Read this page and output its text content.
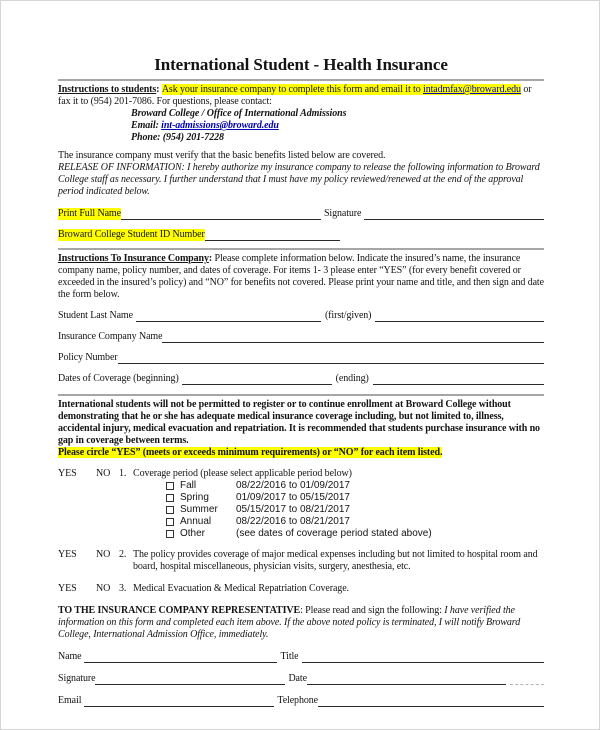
International Student - Health Insurance

Instructions to students: Ask your insurance company to complete this form and email it to intadmfax@broward.edu or fax it to (954) 201-7086. For questions, please contact:

Broward College / Office of International Admissions
Email: int-admissions@broward.edu
Phone: (954) 201-7228

The insurance company must verify that the basic benefits listed below are covered.

RELEASE OF INFORMATION: I hereby authorize my insurance company to release the following information to Broward College staff as necessary. I further understand that I must have my policy reviewed/renewed at the end of the approval period indicated below.

Print Full Name	Signature
Broward College Student ID Number

Instructions To Insurance Company: Please complete information below. Indicate the insured’s name, the insurance company name, policy number, and dates of coverage. For items 1- 3 please enter “YES” (for every benefit covered or exceeded in the insured’s policy) and “NO” for benefits not covered. Please print your name and title, and then sign and date the form below.

Student Last Name	(first/given)
Insurance Company Name
Policy Number
Dates of Coverage (beginning)	(ending)

International students will not be permitted to register or to continue enrollment at Broward College without demonstrating that he or she has adequate medical insurance coverage including, but not limited to, illness, accidental injury, medical evacuation and repatriation. It is recommended that students purchase insurance with no gap in coverage between terms.

Please circle “YES” (meets or exceeds minimum requirements) or “NO” for each item listed.

YES	NO 1. Coverage period (please select applicable period below)
Fall	08/22/2016 to 01/09/2017
Spring	01/09/2017 to 05/15/2017
Summer	05/15/2017 to 08/21/2017
Annual	08/22/2016 to 08/21/2017
Other	(see dates of coverage period stated above)
YES	NO 2. The policy provides coverage of major medical expenses including but not limited to hospital room and board, hospital miscellaneous, physician visits, surgery, anesthesia, etc.
YES	NO 3. Medical Evacuation & Medical Repatriation Coverage.

TO THE INSURANCE COMPANY REPRESENTATIVE: Please read and sign the following: I have verified the information on this form and completed each item above. If the above noted policy is terminated, I will notify Broward College, International Admission Office, immediately.

Name	Title
Signature	Date
Email	Telephone
